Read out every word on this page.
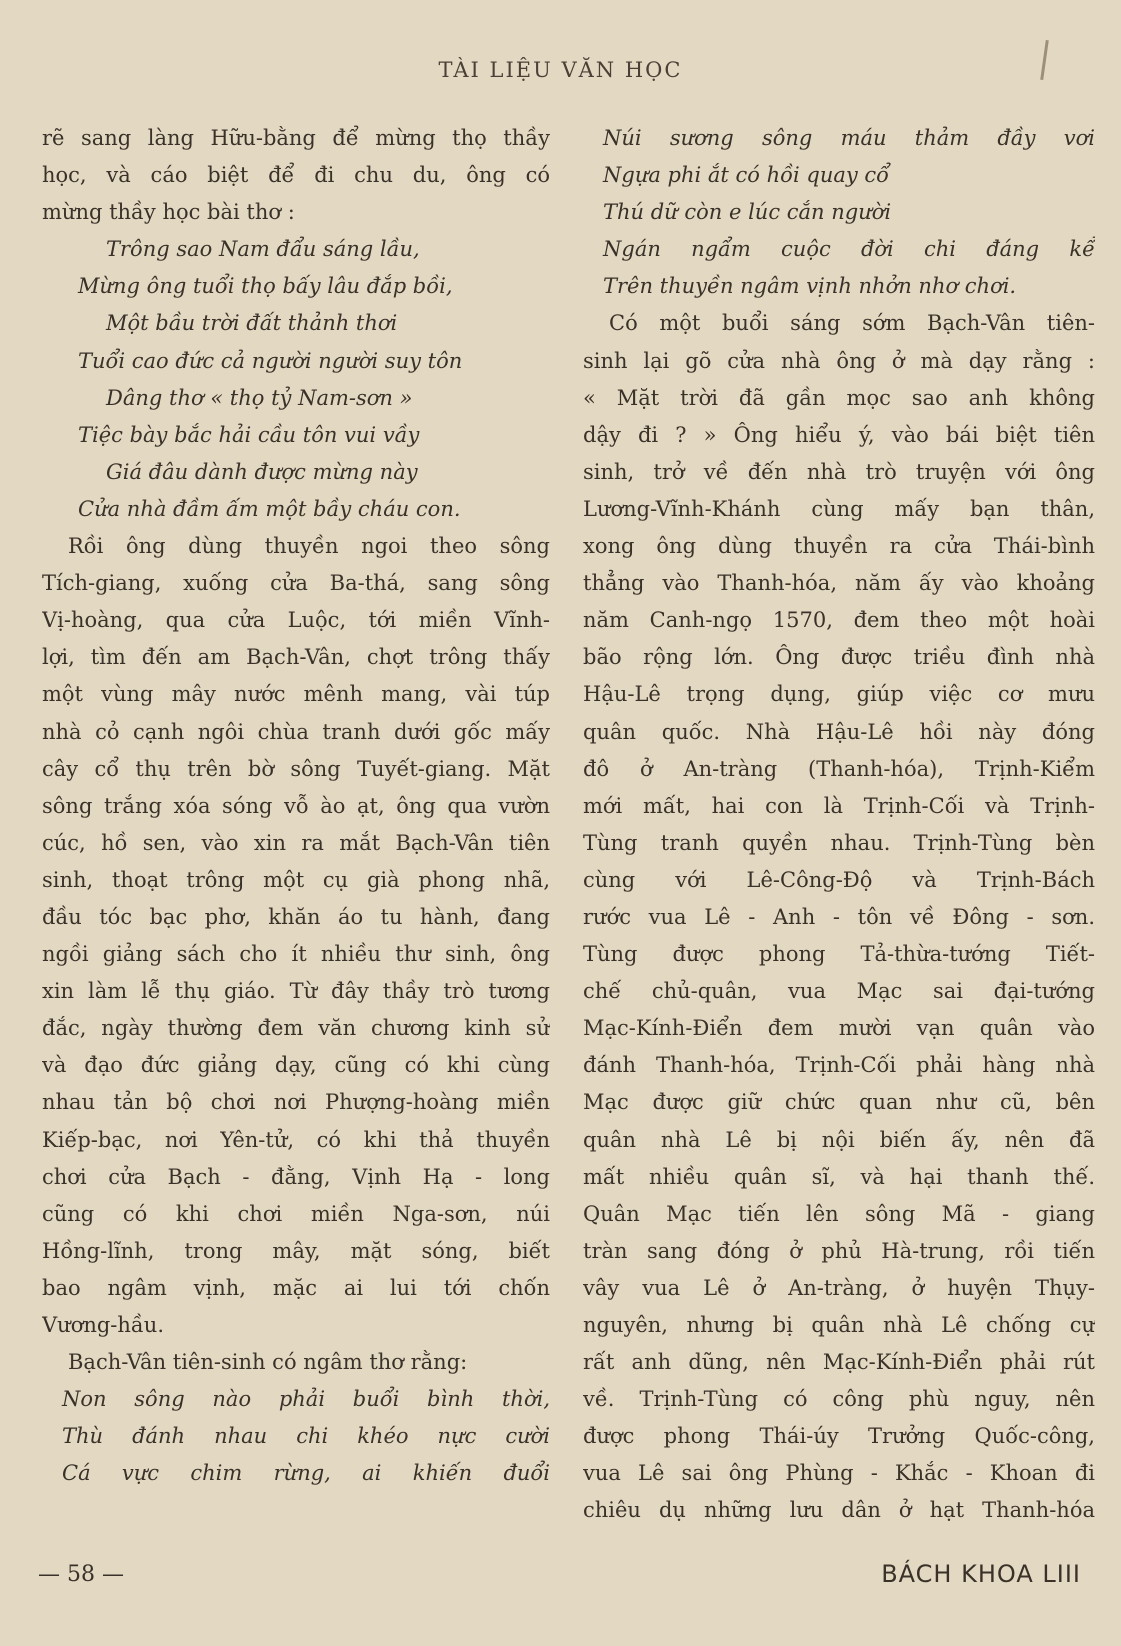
TÀI LIỆU VĂN HỌC
rẽ sang làng Hữu-bằng để mừng thọ thầy
học, và cáo biệt để đi chu du, ông có
mừng thầy học bài thơ :
Trông sao Nam đẩu sáng lầu,
Mừng ông tuổi thọ bấy lâu đắp bồi,
Một bầu trời đất thảnh thơi
Tuổi cao đức cả người người suy tôn
Dâng thơ « thọ tỷ Nam-sơn »
Tiệc bày bắc hải cầu tôn vui vầy
Giá đâu dành được mừng này
Cửa nhà đầm ấm một bầy cháu con.
Rồi ông dùng thuyền ngoi theo sông
Tích-giang, xuống cửa Ba-thá, sang sông
Vị-hoàng, qua cửa Luộc, tới miền Vĩnh-
lợi, tìm đến am Bạch-Vân, chợt trông thấy
một vùng mây nước mênh mang, vài túp
nhà cỏ cạnh ngôi chùa tranh dưới gốc mấy
cây cổ thụ trên bờ sông Tuyết-giang. Mặt
sông trắng xóa sóng vỗ ào ạt, ông qua vườn
cúc, hồ sen, vào xin ra mắt Bạch-Vân tiên
sinh, thoạt trông một cụ già phong nhã,
đầu tóc bạc phơ, khăn áo tu hành, đang
ngồi giảng sách cho ít nhiều thư sinh, ông
xin làm lễ thụ giáo. Từ đây thầy trò tương
đắc, ngày thường đem văn chương kinh sử
và đạo đức giảng dạy, cũng có khi cùng
nhau tản bộ chơi nơi Phượng-hoàng miền
Kiếp-bạc, nơi Yên-tử, có khi thả thuyền
chơi cửa Bạch - đằng, Vịnh Hạ - long
cũng có khi chơi miền Nga-sơn, núi
Hồng-lĩnh, trong mây, mặt sóng, biết
bao ngâm vịnh, mặc ai lui tới chốn
Vương-hầu.
Bạch-Vân tiên-sinh có ngâm thơ rằng:
Non sông nào phải buổi bình thời,
Thù đánh nhau chi khéo nực cười
Cá vực chim rừng, ai khiến đuổi
Núi sương sông máu thảm đầy vơi
Ngựa phi ắt có hồi quay cổ
Thú dữ còn e lúc cắn người
Ngán ngẩm cuộc đời chi đáng kể
Trên thuyền ngâm vịnh nhởn nhơ chơi.
Có một buổi sáng sớm Bạch-Vân tiên-
sinh lại gõ cửa nhà ông ở mà dạy rằng :
« Mặt trời đã gần mọc sao anh không
dậy đi ? » Ông hiểu ý, vào bái biệt tiên
sinh, trở về đến nhà trò truyện với ông
Lương-Vĩnh-Khánh cùng mấy bạn thân,
xong ông dùng thuyền ra cửa Thái-bình
thẳng vào Thanh-hóa, năm ấy vào khoảng
năm Canh-ngọ 1570, đem theo một hoài
bão rộng lớn. Ông được triều đình nhà
Hậu-Lê trọng dụng, giúp việc cơ mưu
quân quốc. Nhà Hậu-Lê hồi này đóng
đô ở An-tràng (Thanh-hóa), Trịnh-Kiểm
mới mất, hai con là Trịnh-Cối và Trịnh-
Tùng tranh quyền nhau. Trịnh-Tùng bèn
cùng với Lê-Công-Độ và Trịnh-Bách
rước vua Lê - Anh - tôn về Đông - sơn.
Tùng được phong Tả-thừa-tướng Tiết-
chế chủ-quân, vua Mạc sai đại-tướng
Mạc-Kính-Điển đem mười vạn quân vào
đánh Thanh-hóa, Trịnh-Cối phải hàng nhà
Mạc được giữ chức quan như cũ, bên
quân nhà Lê bị nội biến ấy, nên đã
mất nhiều quân sĩ, và hại thanh thế.
Quân Mạc tiến lên sông Mã - giang
tràn sang đóng ở phủ Hà-trung, rồi tiến
vây vua Lê ở An-tràng, ở huyện Thụy-
nguyên, nhưng bị quân nhà Lê chống cự
rất anh dũng, nên Mạc-Kính-Điển phải rút
về. Trịnh-Tùng có công phù nguy, nên
được phong Thái-úy Trưởng Quốc-công,
vua Lê sai ông Phùng - Khắc - Khoan đi
chiêu dụ những lưu dân ở hạt Thanh-hóa
— 58 —	BÁCH KHOA LIII
